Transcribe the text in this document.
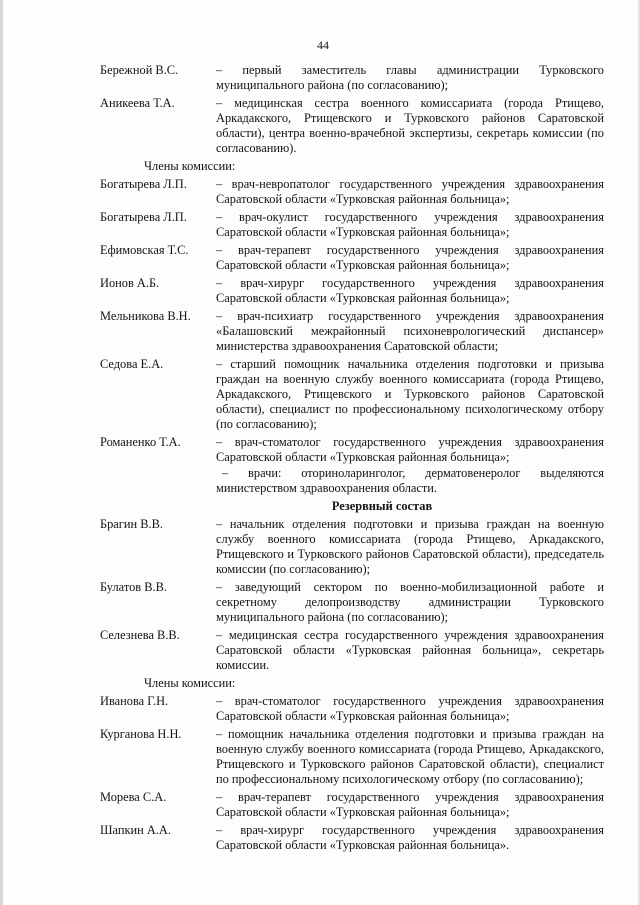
44
Бережной В.С.	– первый заместитель главы администрации Турковского муниципального района (по согласованию);
Аникеева Т.А.	– медицинская сестра военного комиссариата (города Ртищево, Аркадакского, Ртищевского и Турковского районов Саратовской области), центра военно-врачебной экспертизы, секретарь комиссии (по согласованию).
Члены комиссии:
Богатырева Л.П.	– врач-невропатолог государственного учреждения здравоохранения Саратовской области «Турковская районная больница»;
Богатырева Л.П.	– врач-окулист государственного учреждения здравоохранения Саратовской области «Турковская районная больница»;
Ефимовская Т.С.	– врач-терапевт государственного учреждения здравоохранения Саратовской области «Турковская районная больница»;
Ионов А.Б.	– врач-хирург государственного учреждения здравоохранения Саратовской области «Турковская районная больница»;
Мельникова В.Н.	– врач-психиатр государственного учреждения здравоохранения «Балашовский межрайонный психоневрологический диспансер» министерства здравоохранения Саратовской области;
Седова Е.А.	– старший помощник начальника отделения подготовки и призыва граждан на военную службу военного комиссариата (города Ртищево, Аркадакского, Ртищевского и Турковского районов Саратовской области), специалист по профессиональному психологическому отбору (по согласованию);
Романенко Т.А.	– врач-стоматолог государственного учреждения здравоохранения Саратовской области «Турковская районная больница»;
– врачи: оториноларинголог, дерматовенеролог выделяются министерством здравоохранения области.
Резервный состав
Брагин В.В.	– начальник отделения подготовки и призыва граждан на военную службу военного комиссариата (города Ртищево, Аркадакского, Ртищевского и Турковского районов Саратовской области), председатель комиссии (по согласованию);
Булатов В.В.	– заведующий сектором по военно-мобилизационной работе и секретному делопроизводству администрации Турковского муниципального района (по согласованию);
Селезнева В.В.	– медицинская сестра государственного учреждения здравоохранения Саратовской области «Турковская районная больница», секретарь комиссии.
Члены комиссии:
Иванова Г.Н.	– врач-стоматолог государственного учреждения здравоохранения Саратовской области «Турковская районная больница»;
Курганова Н.Н.	– помощник начальника отделения подготовки и призыва граждан на военную службу военного комиссариата (города Ртищево, Аркадакского, Ртищевского и Турковского районов Саратовской области), специалист по профессиональному психологическому отбору (по согласованию);
Морева С.А.	– врач-терапевт государственного учреждения здравоохранения Саратовской области «Турковская районная больница»;
Шапкин А.А.	– врач-хирург государственного учреждения здравоохранения Саратовской области «Турковская районная больница».
